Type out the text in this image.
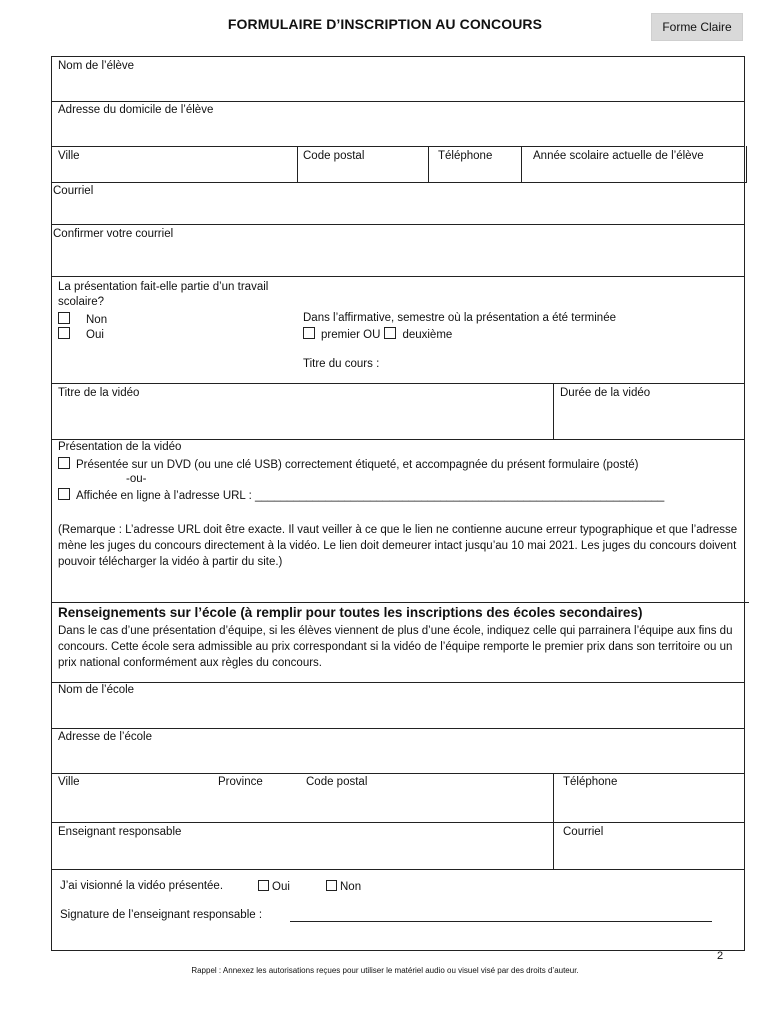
FORMULAIRE D’INSCRIPTION AU CONCOURS	Forme Claire
Nom de l’élève
Adresse du domicile de l’élève
Ville	Code postal	Téléphone	Année scolaire actuelle de l’élève
Courriel
Confirmer votre courriel
La présentation fait-elle partie d’un travail
scolaire?
Non
Oui
Dans l’affirmative, semestre où la présentation a été terminée
premier OU deuxième
Titre du cours :
Titre de la vidéo	Durée de la vidéo
Présentation de la vidéo
Présentée sur un DVD (ou une clé USB) correctement étiqueté, et accompagnée du présent formulaire (posté)
-ou-
Affichée en ligne à l’adresse URL : ________________________________________________________________
(Remarque : L’adresse URL doit être exacte. Il vaut veiller à ce que le lien ne contienne aucune erreur typographique et que l’adresse mène les juges du concours directement à la vidéo. Le lien doit demeurer intact jusqu’au 10 mai 2021. Les juges du concours doivent pouvoir télécharger la vidéo à partir du site.)
Renseignements sur l’école (à remplir pour toutes les inscriptions des écoles secondaires)
Dans le cas d’une présentation d’équipe, si les élèves viennent de plus d’une école, indiquez celle qui parrainera l’équipe aux fins du concours. Cette école sera admissible au prix correspondant si la vidéo de l’équipe remporte le premier prix dans son territoire ou un prix national conformément aux règles du concours.
Nom de l’école
Adresse de l’école
Ville	Province	Code postal	Téléphone
Enseignant responsable	Courriel
J’ai visionné la vidéo présentée.	Oui	Non
Signature de l’enseignant responsable :
2
Rappel : Annexez les autorisations reçues pour utiliser le matériel audio ou visuel visé par des droits d’auteur.
